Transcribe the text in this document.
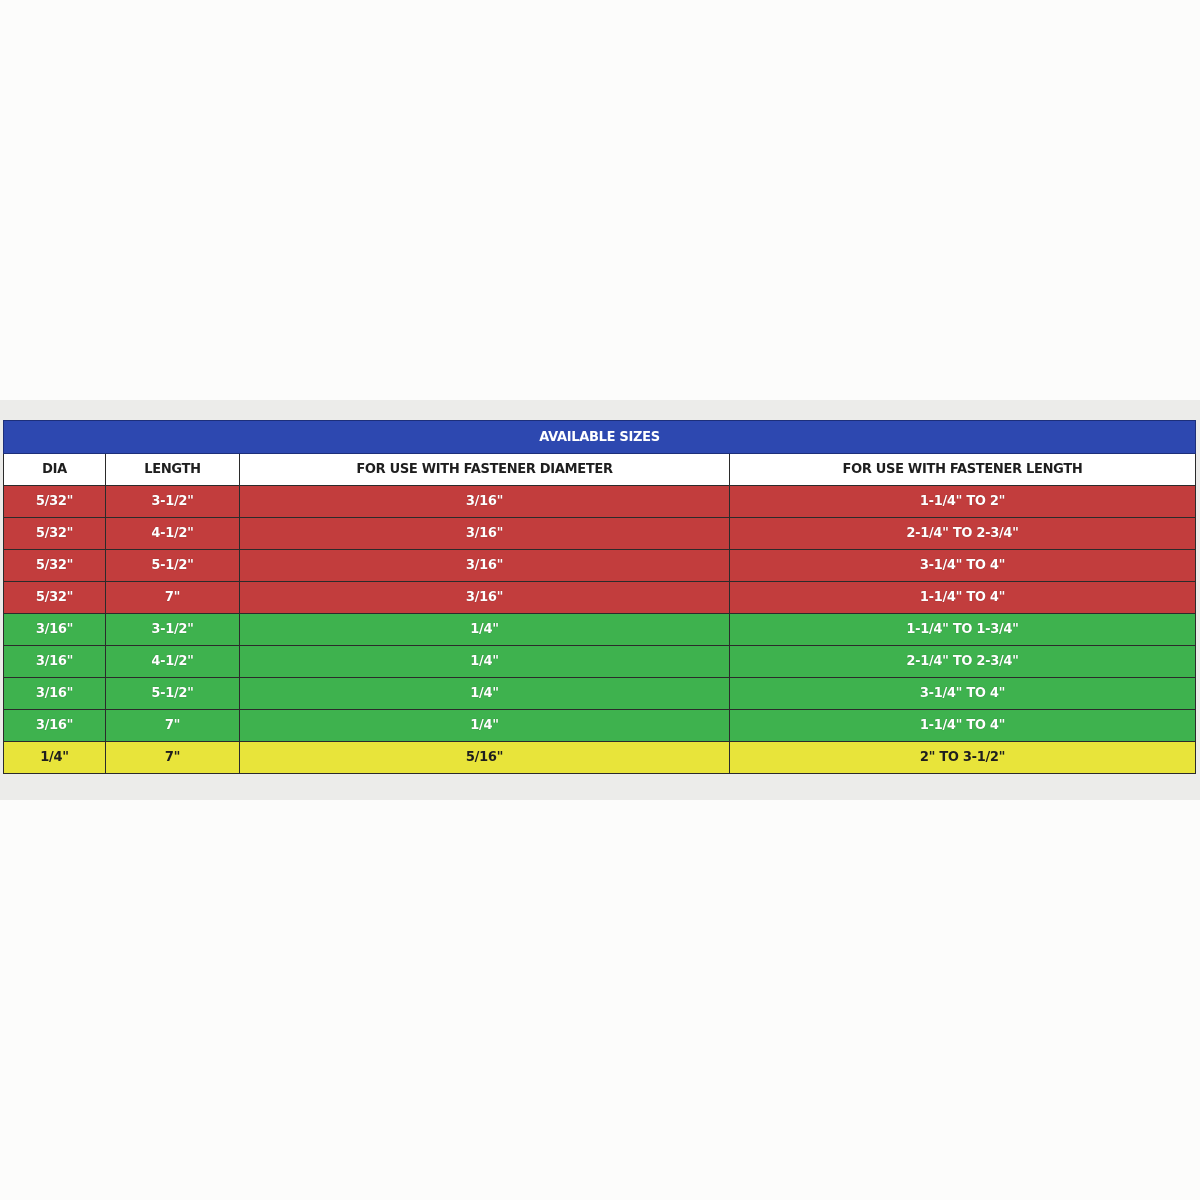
AVAILABLE SIZES			
DIA	LENGTH	FOR USE WITH FASTENER DIAMETER	FOR USE WITH FASTENER LENGTH
5/32"	3-1/2"	3/16"	1-1/4" TO 2"
5/32"	4-1/2"	3/16"	2-1/4" TO 2-3/4"
5/32"	5-1/2"	3/16"	3-1/4" TO 4"
5/32"	7"	3/16"	1-1/4" TO 4"
3/16"	3-1/2"	1/4"	1-1/4" TO 1-3/4"
3/16"	4-1/2"	1/4"	2-1/4" TO 2-3/4"
3/16"	5-1/2"	1/4"	3-1/4" TO 4"
3/16"	7"	1/4"	1-1/4" TO 4"
1/4"	7"	5/16"	2" TO 3-1/2"
